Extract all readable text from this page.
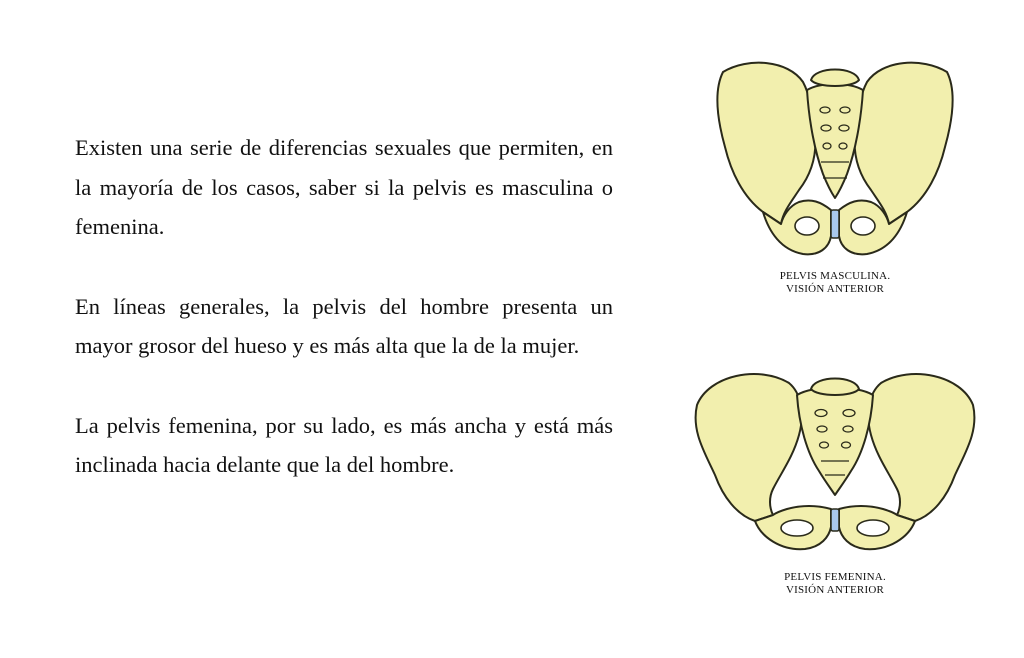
Existen una serie de diferencias sexuales que permiten, en la mayoría de los casos, saber si la pelvis es masculina o femenina.

En líneas generales, la pelvis del hombre presenta un mayor grosor del hueso y es más alta que la de la mujer.

La pelvis femenina, por su lado, es más ancha y está más inclinada hacia delante que la del hombre.

PELVIS MASCULINA.
VISIÓN ANTERIOR
PELVIS FEMENINA.
VISIÓN ANTERIOR
